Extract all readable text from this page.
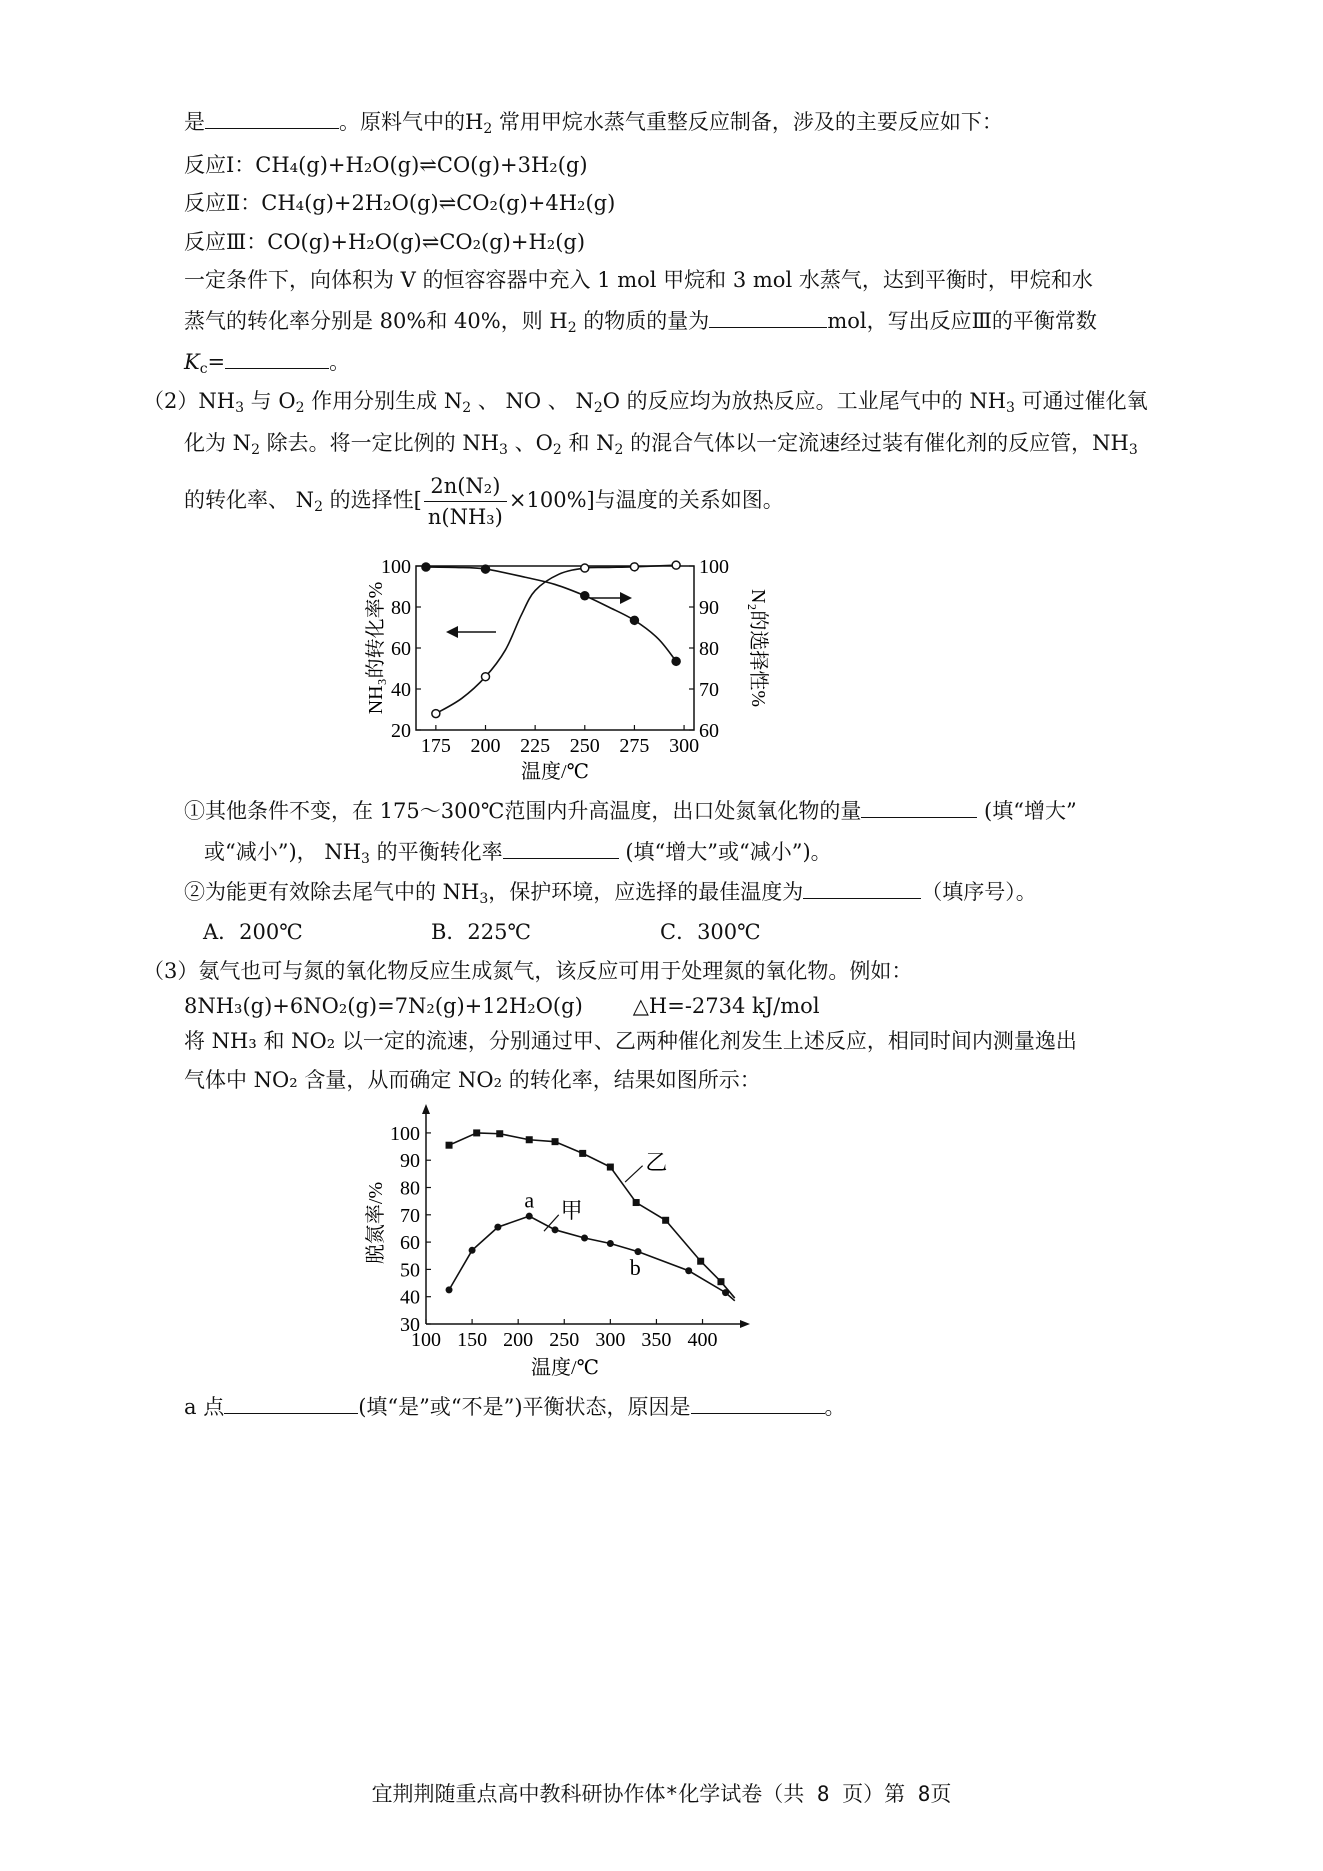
是	。原料气中的$H_2$ 常用甲烷水蒸气重整反应制备，涉及的主要反应如下：
反应Ⅰ：CH₄(g)+H₂O(g)⇌CO(g)+3H₂(g)
反应Ⅱ：CH₄(g)+2H₂O(g)⇌CO₂(g)+4H₂(g)
反应Ⅲ：CO(g)+H₂O(g)⇌CO₂(g)+H₂(g)
一定条件下，向体积为 V 的恒容容器中充入 1 mol 甲烷和 3 mol 水蒸气，达到平衡时，甲烷和水
蒸气的转化率分别是 80%和 40%，则 $H_2$ 的物质的量为	mol，写出反应Ⅲ的平衡常数
$K_c=$	。
$(2)NH_3$ 与 $O_2$ 作用分别生成 $N_2$ 、 NO 、 $N_2O$ 的反应均为放热反应。工业尾气中的 $NH_3$ 可通过催化氧
化为 $N_2$ 除去。将一定比例的 $NH_3$ 、$O_2$ 和 $N_2$ 的混合气体以一定流速经过装有催化剂的反应管，$NH_3$
的转化率、 $N_2$ 的选择性[ $\frac{\text{2n(N₂)}}{\text{n(NH₃)}} \times 100\%$]与温度的关系如图。
175 200 225 250 275 300
20
40
60
80
100
60
70
80
90
100
温度/℃
NH₃的转化率%	N₂的选择性%
①其他条件不变，在 175～300℃范围内升高温度，出口处氮氧化物的量	(填“增大”
或“减小”)， $NH_3$ 的平衡转化率	(填“增大”或“减小”)。
②为能更有效除去尾气中的 $NH_3$，保护环境，应选择的最佳温度为	（填序号）。
A．200℃	B．225℃	C．300℃
（3）氨气也可与氮的氧化物反应生成氮气，该反应可用于处理氮的氧化物。例如：
8NH₃(g)+6NO₂(g)=7N₂(g)+12H₂O(g) △H=-2734 kJ/mol
将 NH₃ 和 NO₂ 以一定的流速，分别通过甲、乙两种催化剂发生上述反应，相同时间内测量逸出
气体中 NO₂ 含量，从而确定 NO₂ 的转化率，结果如图所示：
100 150 200 250 300 350 400
30
40
50
60
70
80
90
100
温度/℃
脱氮率/%
乙
甲
a
b
a 点	(填“是”或“不是”)平衡状态，原因是	。
宜荆荆随重点高中教科研协作体*化学试卷（共 8 页）第 8页
